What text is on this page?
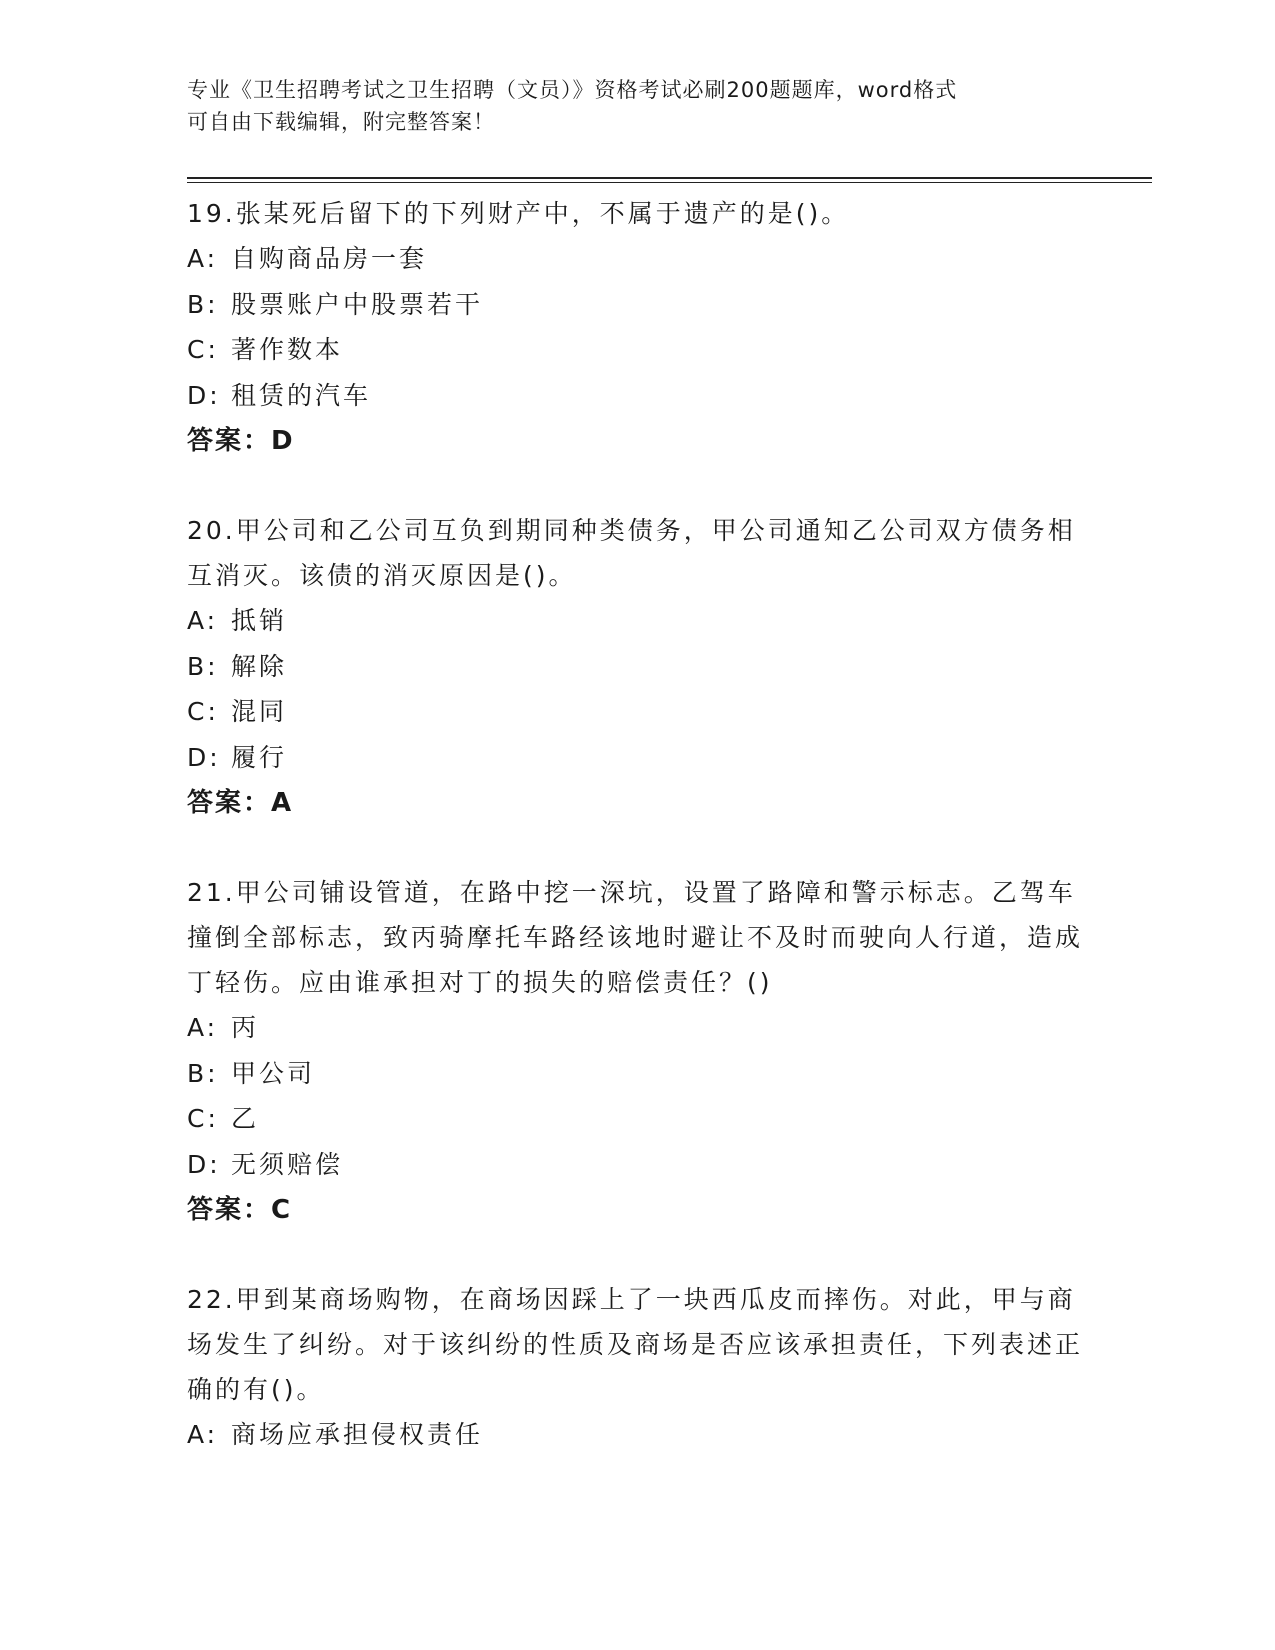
专业《卫生招聘考试之卫生招聘（文员）》资格考试必刷200题题库，word格式
可自由下载编辑，附完整答案！
19.张某死后留下的下列财产中，不属于遗产的是()。
A: 自购商品房一套
B: 股票账户中股票若干
C: 著作数本
D: 租赁的汽车
答案：D
20.甲公司和乙公司互负到期同种类债务，甲公司通知乙公司双方债务相互消灭。该债的消灭原因是()。
A: 抵销
B: 解除
C: 混同
D: 履行
答案：A
21.甲公司铺设管道，在路中挖一深坑，设置了路障和警示标志。乙驾车撞倒全部标志，致丙骑摩托车路经该地时避让不及时而驶向人行道，造成丁轻伤。应由谁承担对丁的损失的赔偿责任？()
A: 丙
B: 甲公司
C: 乙
D: 无须赔偿
答案：C
22.甲到某商场购物，在商场因踩上了一块西瓜皮而摔伤。对此，甲与商场发生了纠纷。对于该纠纷的性质及商场是否应该承担责任，下列表述正确的有()。
A: 商场应承担侵权责任
